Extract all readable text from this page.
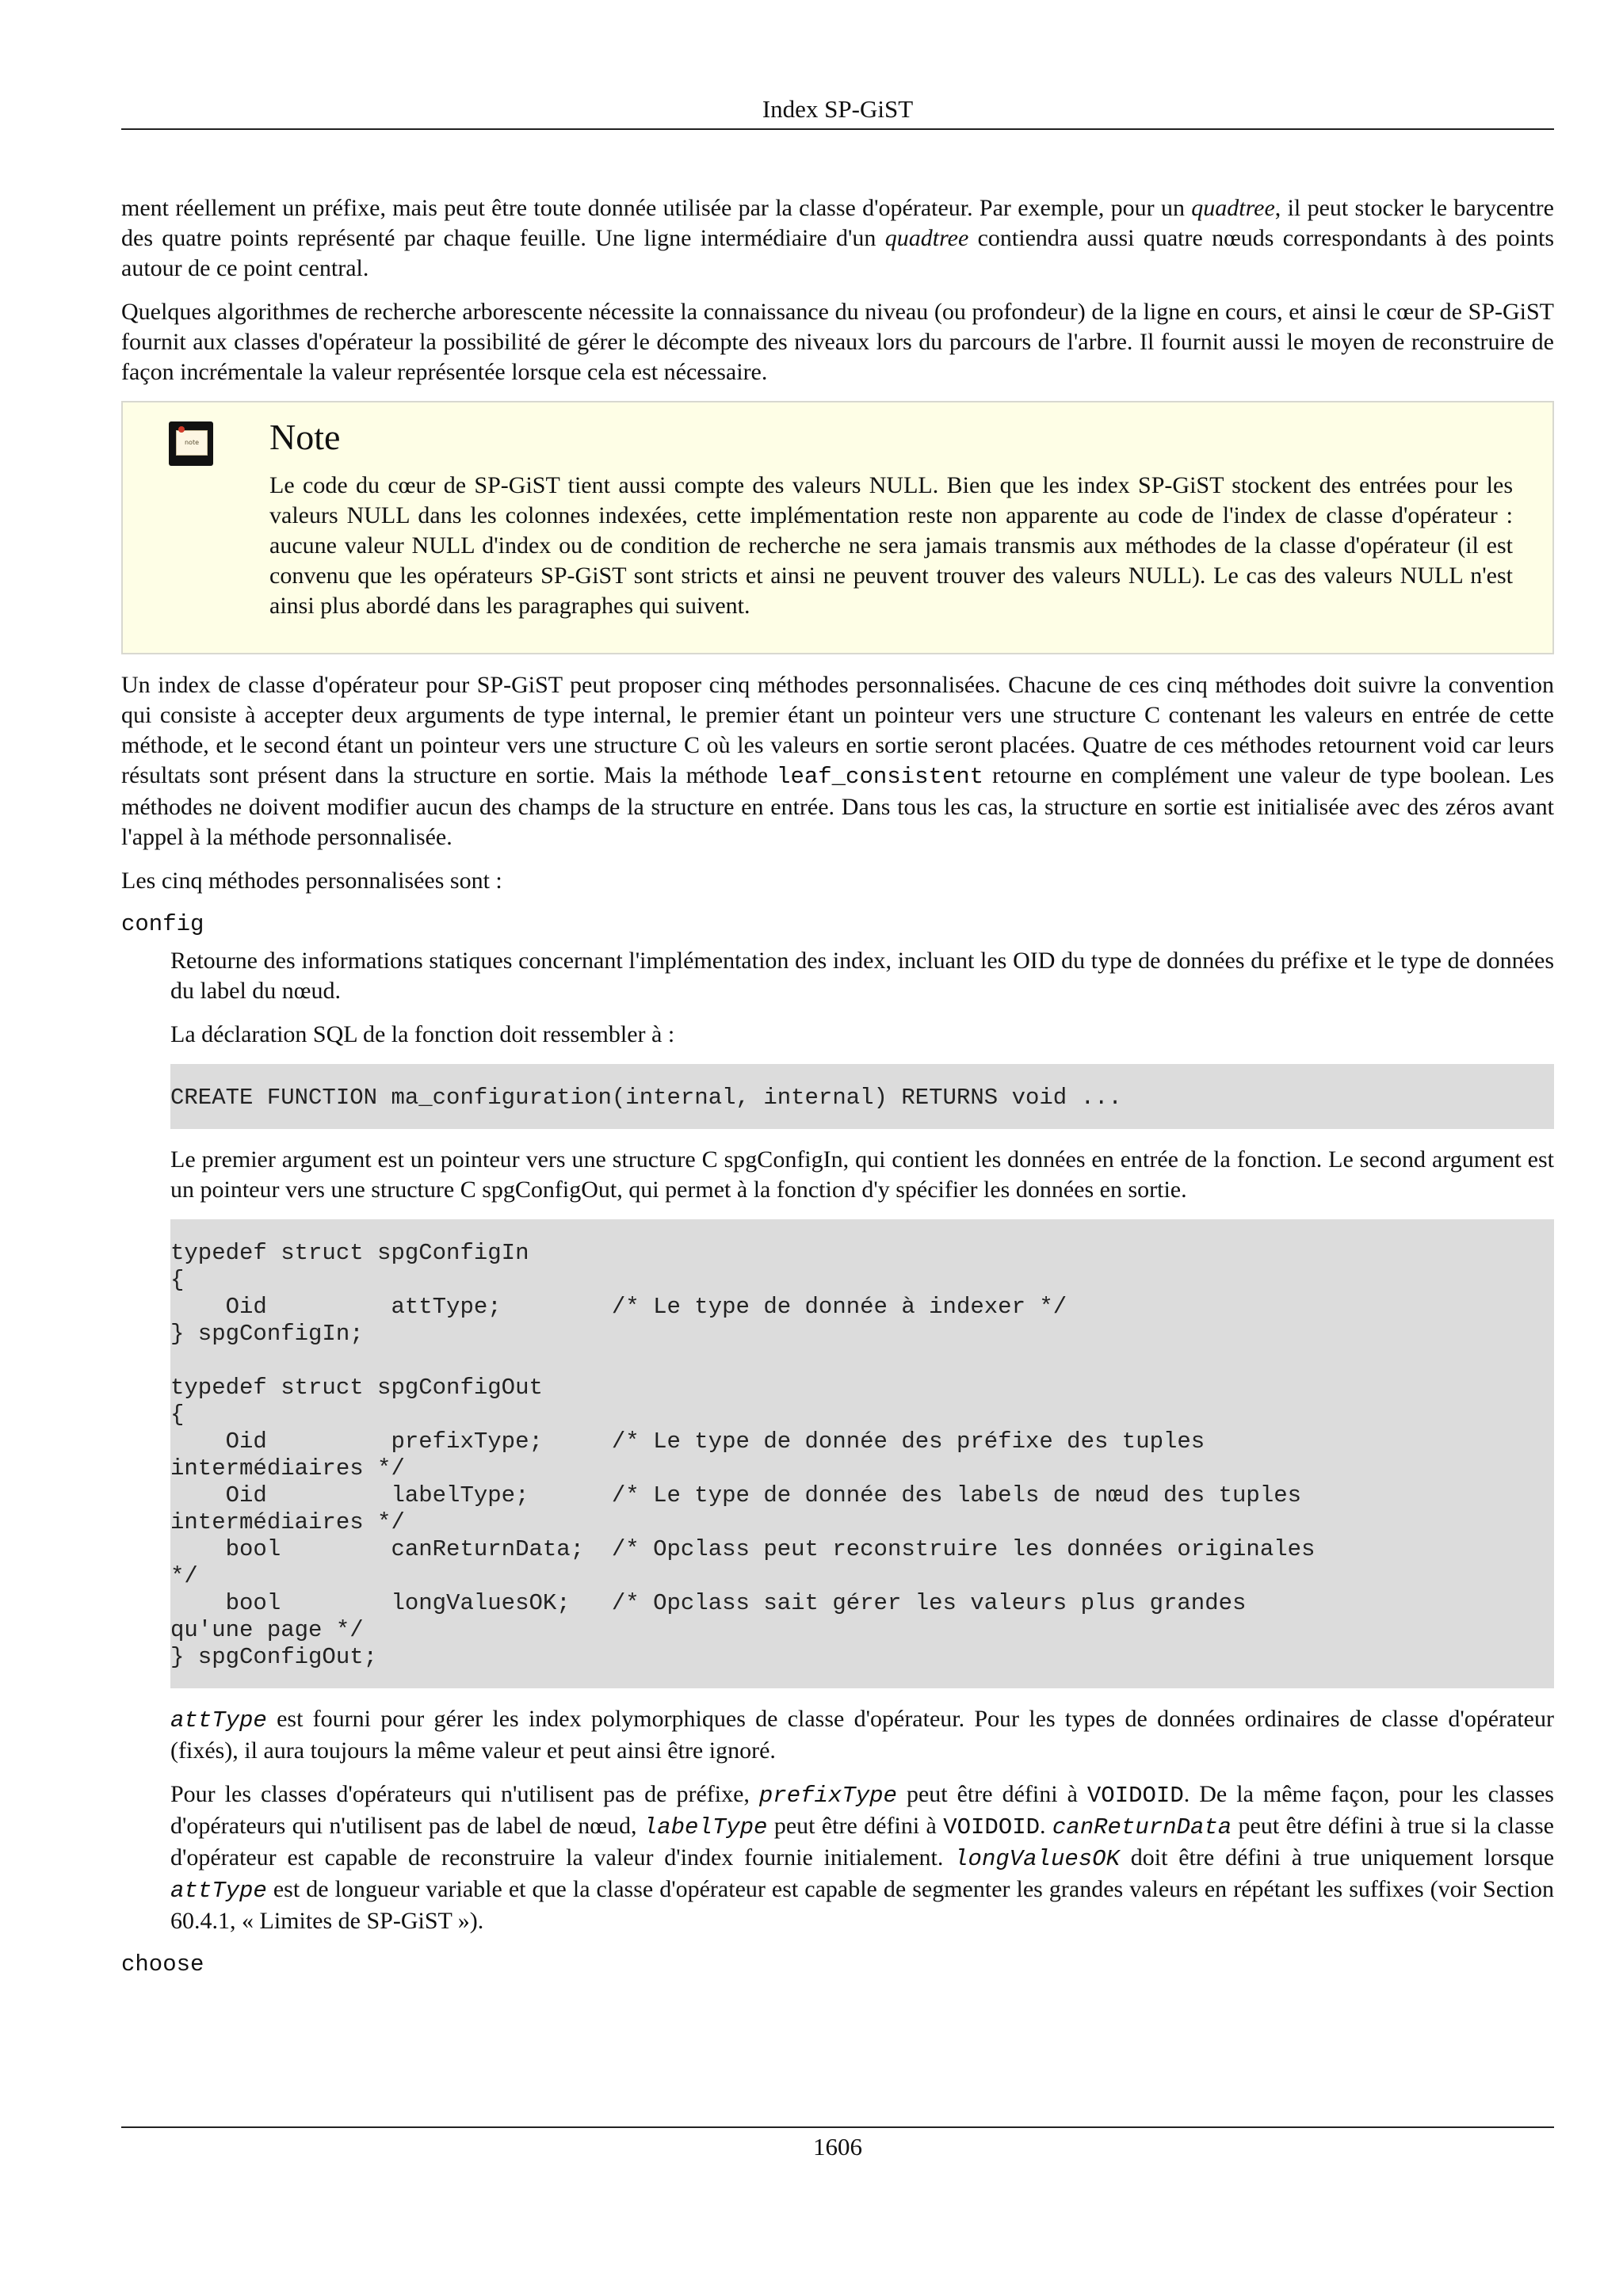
Index SP-GiST

ment réellement un préfixe, mais peut être toute donnée utilisée par la classe d'opérateur. Par exemple, pour un quadtree, il peut stocker le barycentre des quatre points représenté par chaque feuille. Une ligne intermédiaire d'un quadtree contiendra aussi quatre nœuds correspondants à des points autour de ce point central.

Quelques algorithmes de recherche arborescente nécessite la connaissance du niveau (ou profondeur) de la ligne en cours, et ainsi le cœur de SP-GiST fournit aux classes d'opérateur la possibilité de gérer le décompte des niveaux lors du parcours de l'arbre. Il fournit aussi le moyen de reconstruire de façon incrémentale la valeur représentée lorsque cela est nécessaire.

note Note

Le code du cœur de SP-GiST tient aussi compte des valeurs NULL. Bien que les index SP-GiST stockent des entrées pour les valeurs NULL dans les colonnes indexées, cette implémentation reste non apparente au code de l'index de classe d'opérateur : aucune valeur NULL d'index ou de condition de recherche ne sera jamais transmis aux méthodes de la classe d'opérateur (il est convenu que les opérateurs SP-GiST sont stricts et ainsi ne peuvent trouver des valeurs NULL). Le cas des valeurs NULL n'est ainsi plus abordé dans les paragraphes qui suivent.

Un index de classe d'opérateur pour SP-GiST peut proposer cinq méthodes personnalisées. Chacune de ces cinq méthodes doit suivre la convention qui consiste à accepter deux arguments de type internal, le premier étant un pointeur vers une structure C contenant les valeurs en entrée de cette méthode, et le second étant un pointeur vers une structure C où les valeurs en sortie seront placées. Quatre de ces méthodes retournent void car leurs résultats sont présent dans la structure en sortie. Mais la méthode leaf_consistent retourne en complément une valeur de type boolean. Les méthodes ne doivent modifier aucun des champs de la structure en entrée. Dans tous les cas, la structure en sortie est initialisée avec des zéros avant l'appel à la méthode personnalisée.

Les cinq méthodes personnalisées sont :

config

Retourne des informations statiques concernant l'implémentation des index, incluant les OID du type de données du préfixe et le type de données du label du nœud.

La déclaration SQL de la fonction doit ressembler à :

CREATE FUNCTION ma_configuration(internal, internal) RETURNS void ...

Le premier argument est un pointeur vers une structure C spgConfigIn, qui contient les données en entrée de la fonction. Le second argument est un pointeur vers une structure C spgConfigOut, qui permet à la fonction d'y spécifier les données en sortie.

typedef struct spgConfigIn
{
Oid         attType;        /* Le type de donnée à indexer */
} spgConfigIn;

typedef struct spgConfigOut
{
Oid         prefixType;     /* Le type de donnée des préfixe des tuples
intermédiaires */
Oid         labelType;      /* Le type de donnée des labels de nœud des tuples
intermédiaires */
bool        canReturnData;  /* Opclass peut reconstruire les données originales
*/
bool        longValuesOK;   /* Opclass sait gérer les valeurs plus grandes
qu'une page */
} spgConfigOut;

attType est fourni pour gérer les index polymorphiques de classe d'opérateur. Pour les types de données ordinaires de classe d'opérateur (fixés), il aura toujours la même valeur et peut ainsi être ignoré.

Pour les classes d'opérateurs qui n'utilisent pas de préfixe, prefixType peut être défini à VOIDOID. De la même façon, pour les classes d'opérateurs qui n'utilisent pas de label de nœud, labelType peut être défini à VOIDOID. canReturnData peut être défini à true si la classe d'opérateur est capable de reconstruire la valeur d'index fournie initialement. longValuesOK doit être défini à true uniquement lorsque attType est de longueur variable et que la classe d'opérateur est capable de segmenter les grandes valeurs en répétant les suffixes (voir Section 60.4.1, « Limites de SP-GiST »).

choose
1606
